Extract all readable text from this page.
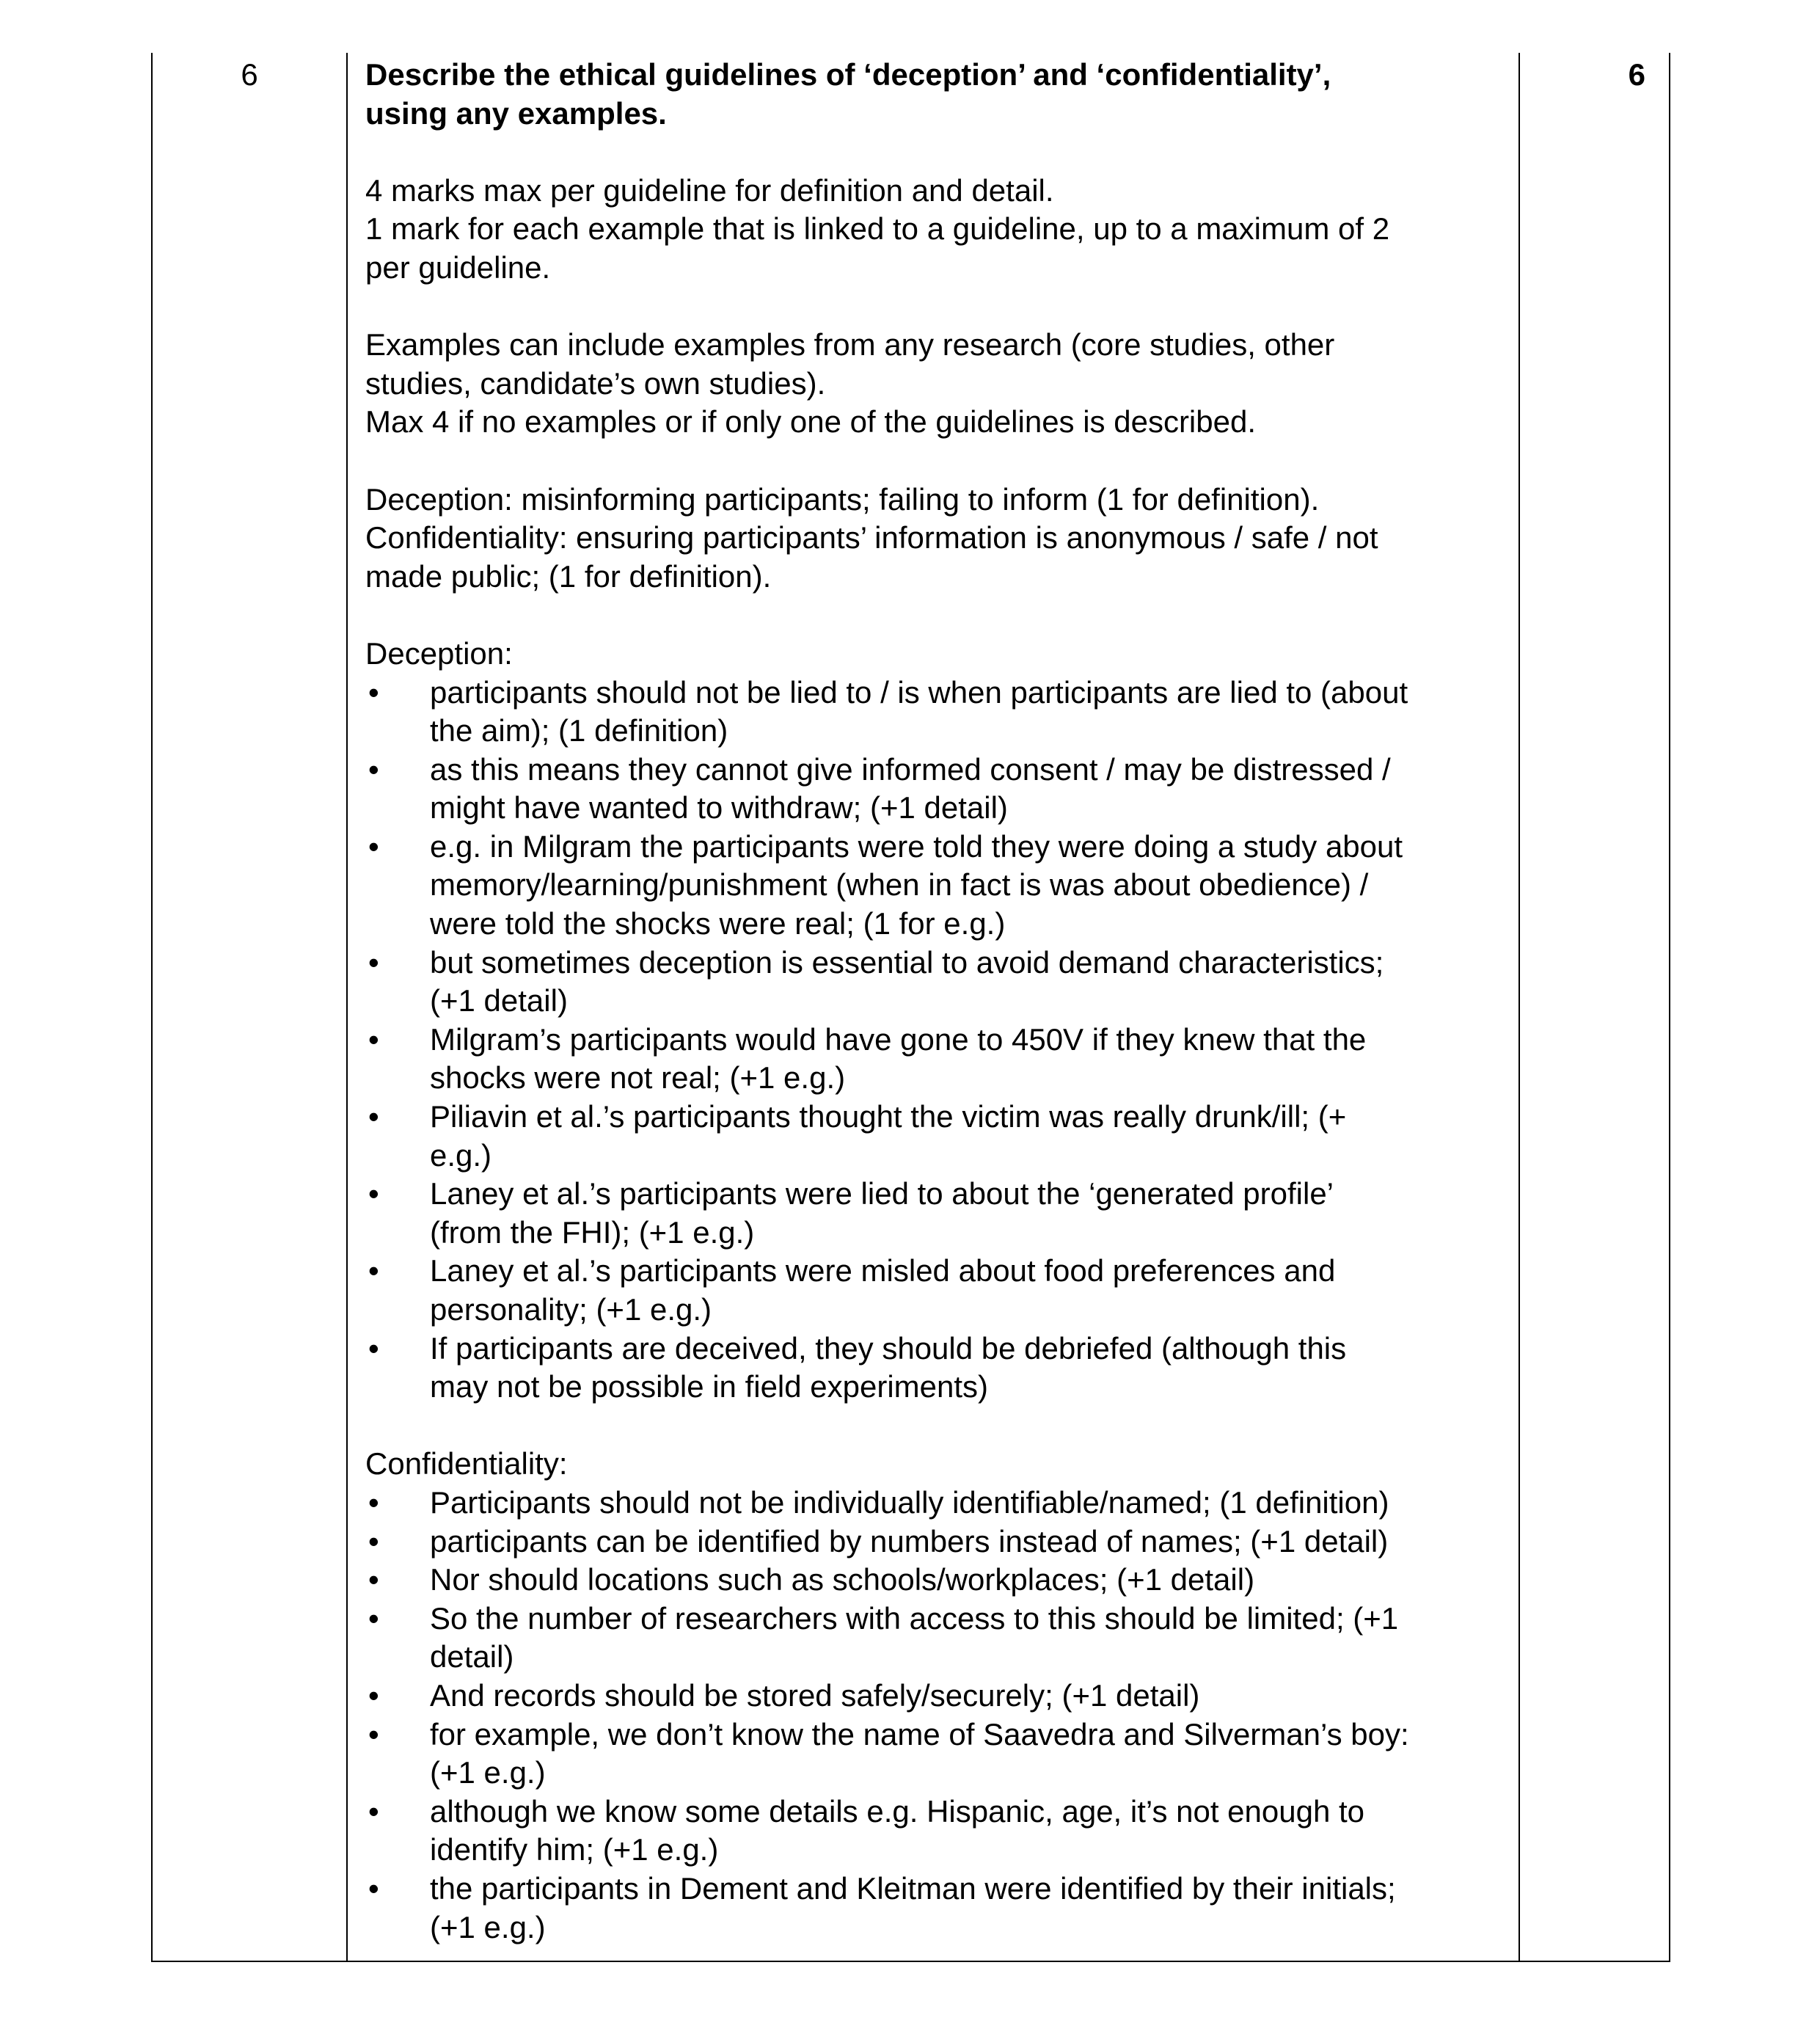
6	Describe the ethical guidelines of ‘deception’ and ‘confidentiality’,

using any examples.

4 marks max per guideline for definition and detail.

1 mark for each example that is linked to a guideline, up to a maximum of 2

per guideline.

Examples can include examples from any research (core studies, other

studies, candidate’s own studies).

Max 4 if no examples or if only one of the guidelines is described.

Deception: misinforming participants; failing to inform (1 for definition).

Confidentiality: ensuring participants’ information is anonymous / safe / not

made public; (1 for definition).

Deception:

• participants should not be lied to / is when participants are lied to (about

the aim); (1 definition)

• as this means they cannot give informed consent / may be distressed /

might have wanted to withdraw; (+1 detail)

• e.g. in Milgram the participants were told they were doing a study about

memory/learning/punishment (when in fact is was about obedience) /

were told the shocks were real; (1 for e.g.)

• but sometimes deception is essential to avoid demand characteristics;

(+1 detail)

• Milgram’s participants would have gone to 450V if they knew that the

shocks were not real; (+1 e.g.)

• Piliavin et al.’s participants thought the victim was really drunk/ill; (+

e.g.)

• Laney et al.’s participants were lied to about the ‘generated profile’

(from the FHI); (+1 e.g.)

• Laney et al.’s participants were misled about food preferences and

personality; (+1 e.g.)

• If participants are deceived, they should be debriefed (although this

may not be possible in field experiments)

Confidentiality:

• Participants should not be individually identifiable/named; (1 definition)

• participants can be identified by numbers instead of names; (+1 detail)

• Nor should locations such as schools/workplaces; (+1 detail)

• So the number of researchers with access to this should be limited; (+1

detail)

• And records should be stored safely/securely; (+1 detail)

• for example, we don’t know the name of Saavedra and Silverman’s boy:

(+1 e.g.)

• although we know some details e.g. Hispanic, age, it’s not enough to

identify him; (+1 e.g.)

• the participants in Dement and Kleitman were identified by their initials;

(+1 e.g.)

6
